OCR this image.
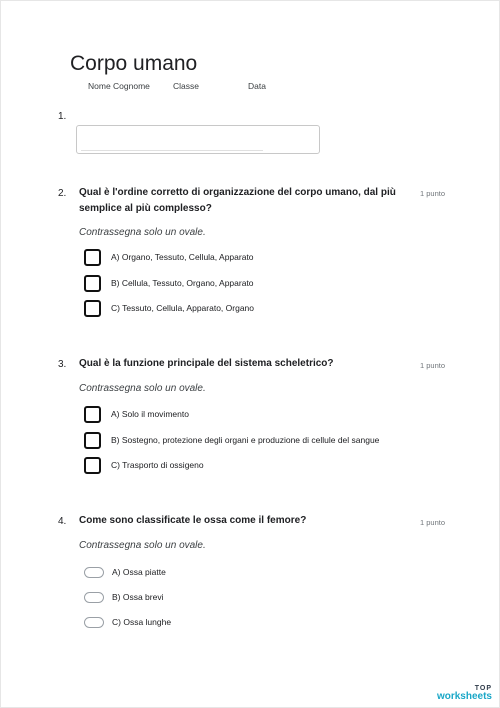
Corpo umano
Nome Cognome	Classe	Data
1.
2. Qual è l'ordine corretto di organizzazione del corpo umano, dal più
semplice al più complesso?
1 punto
Contrassegna solo un ovale.
A) Organo, Tessuto, Cellula, Apparato
B) Cellula, Tessuto, Organo, Apparato
C) Tessuto, Cellula, Apparato, Organo
3. Qual è la funzione principale del sistema scheletrico?	1 punto
Contrassegna solo un ovale.
A) Solo il movimento
B) Sostegno, protezione degli organi e produzione di cellule del sangue
C) Trasporto di ossigeno
4. Come sono classificate le ossa come il femore?	1 punto
Contrassegna solo un ovale.
A) Ossa piatte
B) Ossa brevi
C) Ossa lunghe
TOP
worksheets
